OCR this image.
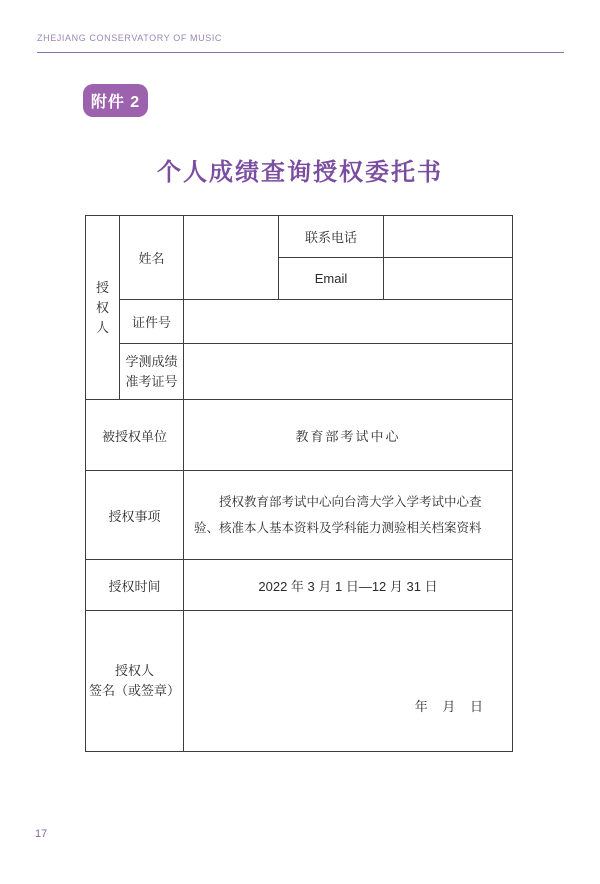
ZHEJIANG CONSERVATORY OF MUSIC
附件 2
个人成绩查询授权委托书
授权人	姓名		联系电话	
			Email	
	证件号			

	学测成绩
准考证号			

被授权单位		教育部考试中心		
授权事项		授权教育部考试中心向台湾大学入学考试中心查验、核准本人基本资料及学科能力测验相关档案资料		

授权时间		2022 年 3 月 1 日—12 月 31 日		

授权人
签名（或签章）		年 月 日		
17
